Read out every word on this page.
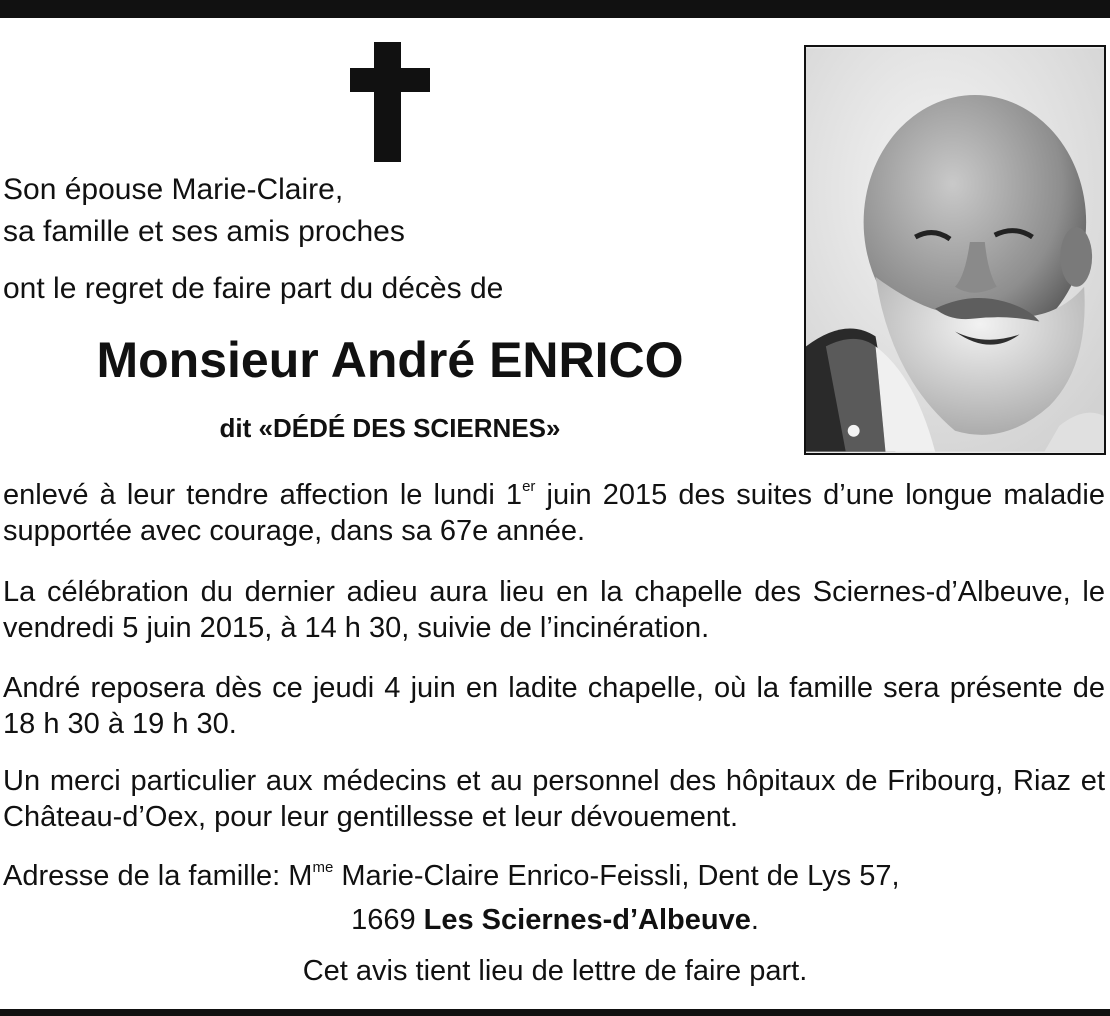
Son épouse Marie-Claire,
sa famille et ses amis proches
ont le regret de faire part du décès de
Monsieur André ENRICO
dit «DÉDÉ DES SCIERNES»
enlevé à leur tendre affection le lundi 1er juin 2015 des suites d’une longue maladie supportée avec courage, dans sa 67e année.
La célébration du dernier adieu aura lieu en la chapelle des Sciernes-d’Albeuve, le vendredi 5 juin 2015, à 14 h 30, suivie de l’incinération.
André reposera dès ce jeudi 4 juin en ladite chapelle, où la famille sera présente de 18 h 30 à 19 h 30.
Un merci particulier aux médecins et au personnel des hôpitaux de Fribourg, Riaz et Château-d’Oex, pour leur gentillesse et leur dévouement.
Adresse de la famille: $M^{me}$ Marie-Claire Enrico-Feissli, Dent de Lys 57,
1669 Les Sciernes-d’Albeuve.
Cet avis tient lieu de lettre de faire part.
